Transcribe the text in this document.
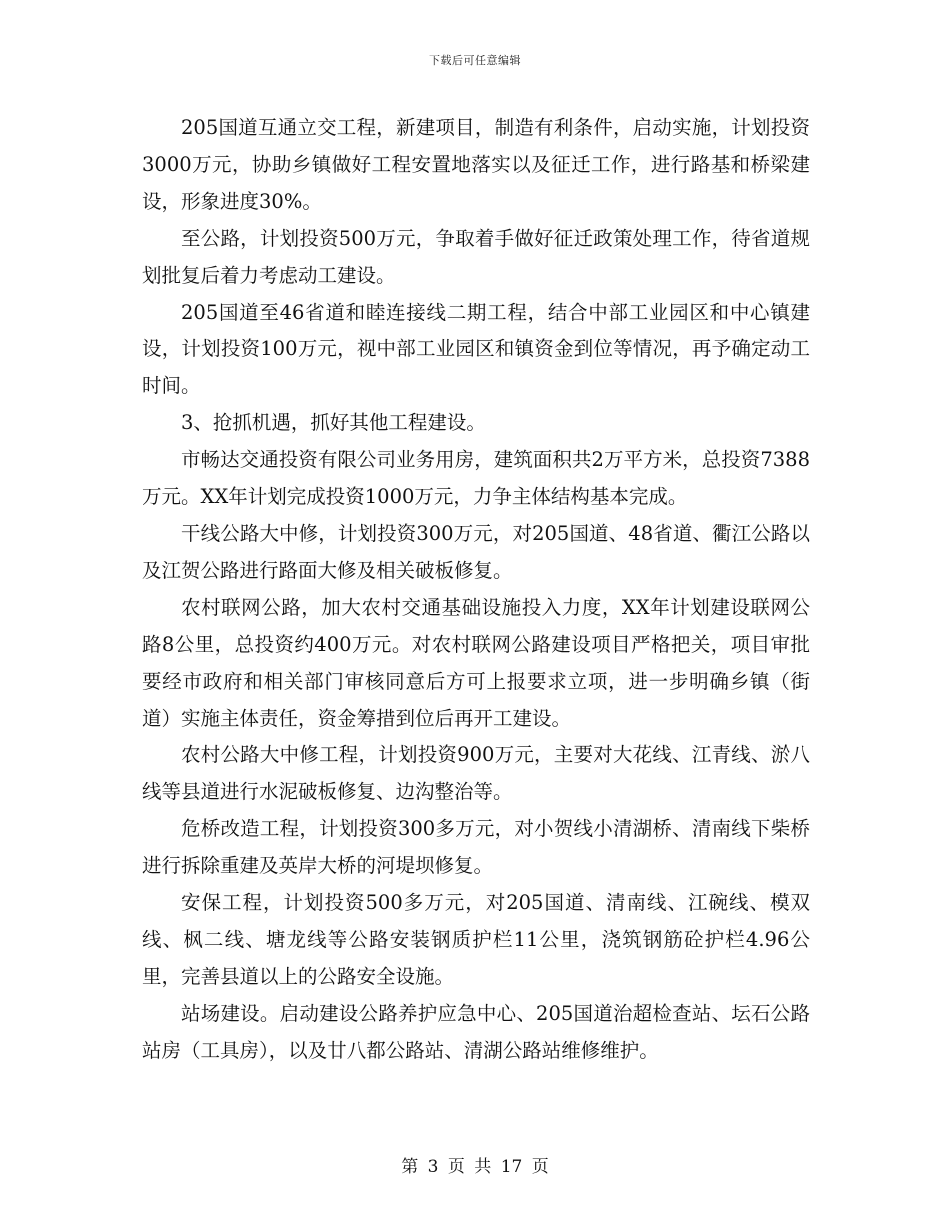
下载后可任意编辑

205国道互通立交工程，新建项目，制造有利条件，启动实施，计划投资3000万元，协助乡镇做好工程安置地落实以及征迁工作，进行路基和桥梁建设，形象进度30%。

至公路，计划投资500万元，争取着手做好征迁政策处理工作，待省道规划批复后着力考虑动工建设。

205国道至46省道和睦连接线二期工程，结合中部工业园区和中心镇建设，计划投资100万元，视中部工业园区和镇资金到位等情况，再予确定动工时间。

3、抢抓机遇，抓好其他工程建设。

市畅达交通投资有限公司业务用房，建筑面积共2万平方米，总投资7388万元。XX年计划完成投资1000万元，力争主体结构基本完成。

干线公路大中修，计划投资300万元，对205国道、48省道、衢江公路以及江贺公路进行路面大修及相关破板修复。

农村联网公路，加大农村交通基础设施投入力度，XX年计划建设联网公路8公里，总投资约400万元。对农村联网公路建设项目严格把关，项目审批要经市政府和相关部门审核同意后方可上报要求立项，进一步明确乡镇（街道）实施主体责任，资金筹措到位后再开工建设。

农村公路大中修工程，计划投资900万元，主要对大花线、江青线、淤八线等县道进行水泥破板修复、边沟整治等。

危桥改造工程，计划投资300多万元，对小贺线小清湖桥、清南线下柴桥进行拆除重建及英岸大桥的河堤坝修复。

安保工程，计划投资500多万元，对205国道、清南线、江碗线、模双线、枫二线、塘龙线等公路安装钢质护栏11公里，浇筑钢筋砼护栏4.96公里，完善县道以上的公路安全设施。

站场建设。启动建设公路养护应急中心、205国道治超检查站、坛石公路站房（工具房），以及廿八都公路站、清湖公路站维修维护。

第 3 页 共 17 页
